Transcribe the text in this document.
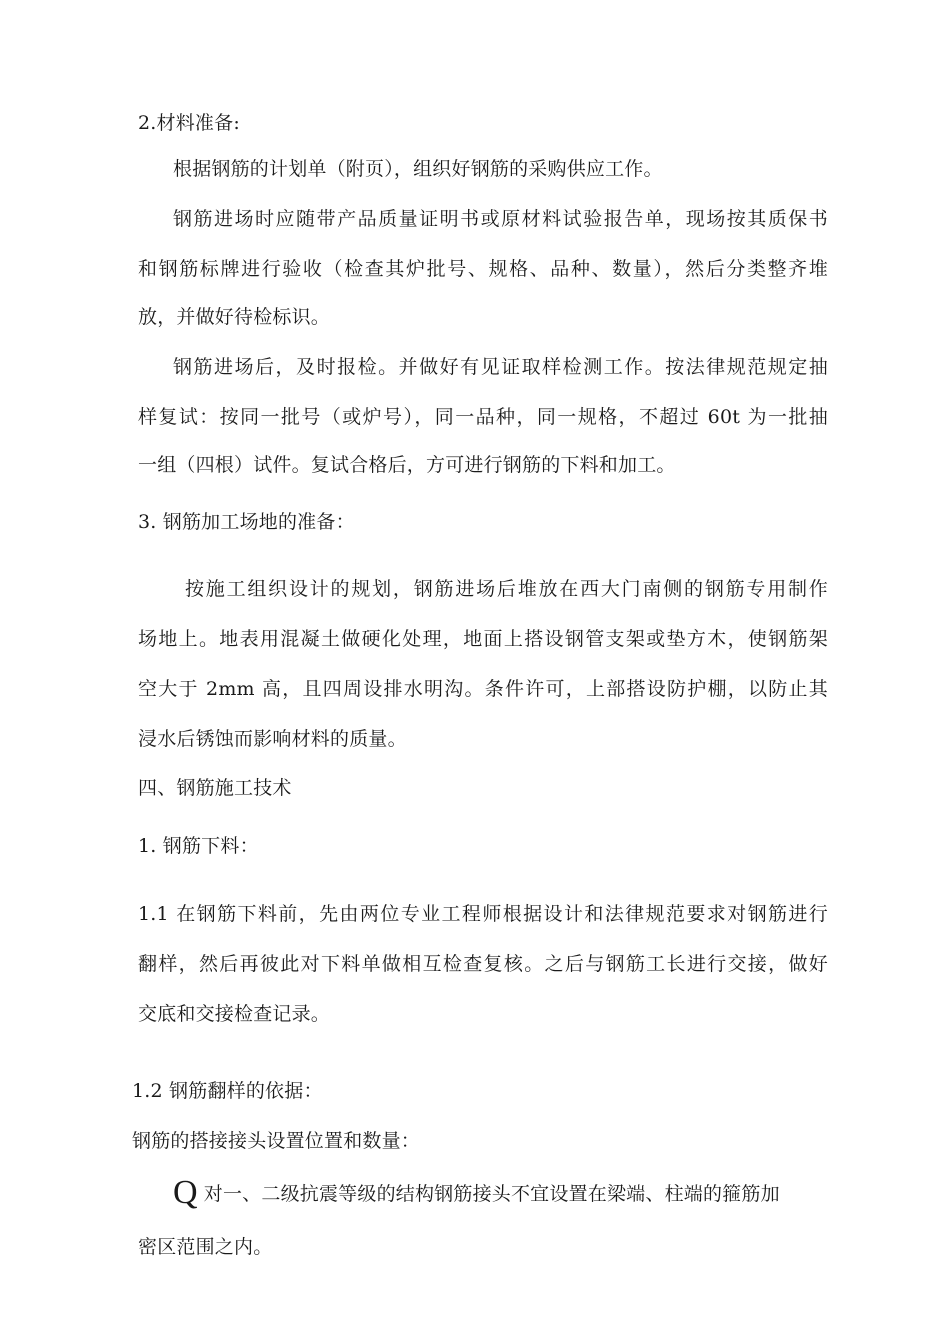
2.材料准备:
根据钢筋的计划单（附页），组织好钢筋的采购供应工作。
钢筋进场时应随带产品质量证明书或原材料试验报告单，现场按其质保书
和钢筋标牌进行验收（检查其炉批号、规格、品种、数量），然后分类整齐堆
放，并做好待检标识。
钢筋进场后，及时报检。并做好有见证取样检测工作。按法律规范规定抽
样复试：按同一批号（或炉号），同一品种，同一规格，不超过 60t 为一批抽
一组（四根）试件。复试合格后，方可进行钢筋的下料和加工。
3. 钢筋加工场地的准备：
按施工组织设计的规划，钢筋进场后堆放在西大门南侧的钢筋专用制作
场地上。地表用混凝土做硬化处理，地面上搭设钢管支架或垫方木，使钢筋架
空大于 2mm 高，且四周设排水明沟。条件许可，上部搭设防护棚，以防止其
浸水后锈蚀而影响材料的质量。
四、钢筋施工技术
1. 钢筋下料：
1.1 在钢筋下料前，先由两位专业工程师根据设计和法律规范要求对钢筋进行
翻样，然后再彼此对下料单做相互检查复核。之后与钢筋工长进行交接，做好
交底和交接检查记录。
1.2 钢筋翻样的依据：
钢筋的搭接接头设置位置和数量：
Q对一、二级抗震等级的结构钢筋接头不宜设置在梁端、柱端的箍筋加
密区范围之内。
